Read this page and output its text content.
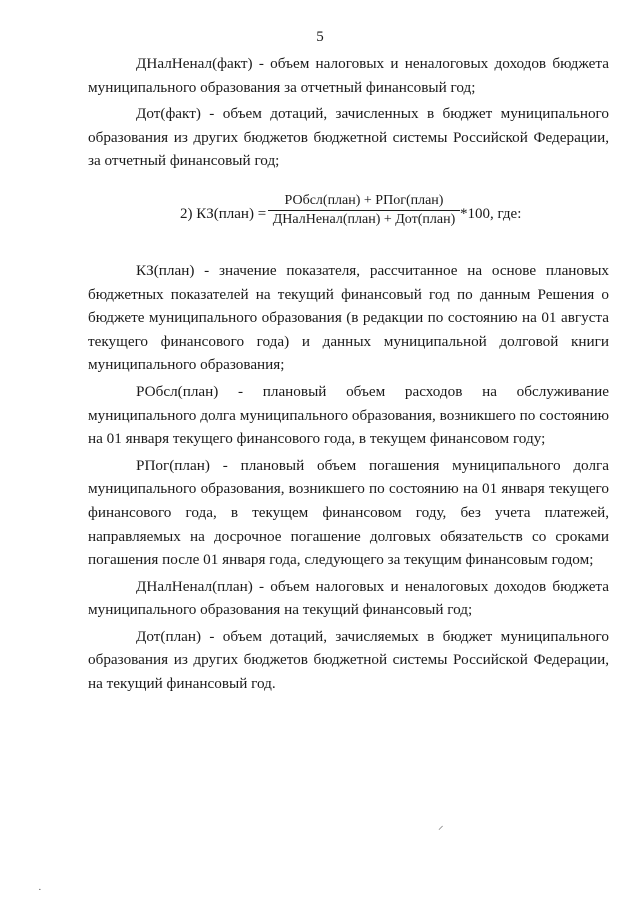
5

ДНалНенал(факт) - объем налоговых и неналоговых доходов бюджета муниципального образования за отчетный финансовый год;

Дот(факт) - объем дотаций, зачисленных в бюджет муниципального образования из других бюджетов бюджетной системы Российской Федерации, за отчетный финансовый год;

2) КЗ(план) =
РОбсл(план) + РПог(план)
ДНалНенал(план) + Дот(план) *100, где:

КЗ(план) - значение показателя, рассчитанное на основе плановых бюджетных показателей на текущий финансовый год по данным Решения о бюджете муниципального образования (в редакции по состоянию на 01 августа текущего финансового года) и данных муниципальной долговой книги муниципального образования;

РОбсл(план) - плановый объем расходов на обслуживание муниципального долга муниципального образования, возникшего по состоянию на 01 января текущего финансового года, в текущем финансовом году;

РПог(план) - плановый объем погашения муниципального долга муниципального образования, возникшего по состоянию на 01 января текущего финансового года, в текущем финансовом году, без учета платежей, направляемых на досрочное погашение долговых обязательств со сроками погашения после 01 января года, следующего за текущим финансовым годом;

ДНалНенал(план) - объем налоговых и неналоговых доходов бюджета муниципального образования на текущий финансовый год;

Дот(план) - объем дотаций, зачисляемых в бюджет муниципального образования из других бюджетов бюджетной системы Российской Федерации, на текущий финансовый год.

⸝
·
